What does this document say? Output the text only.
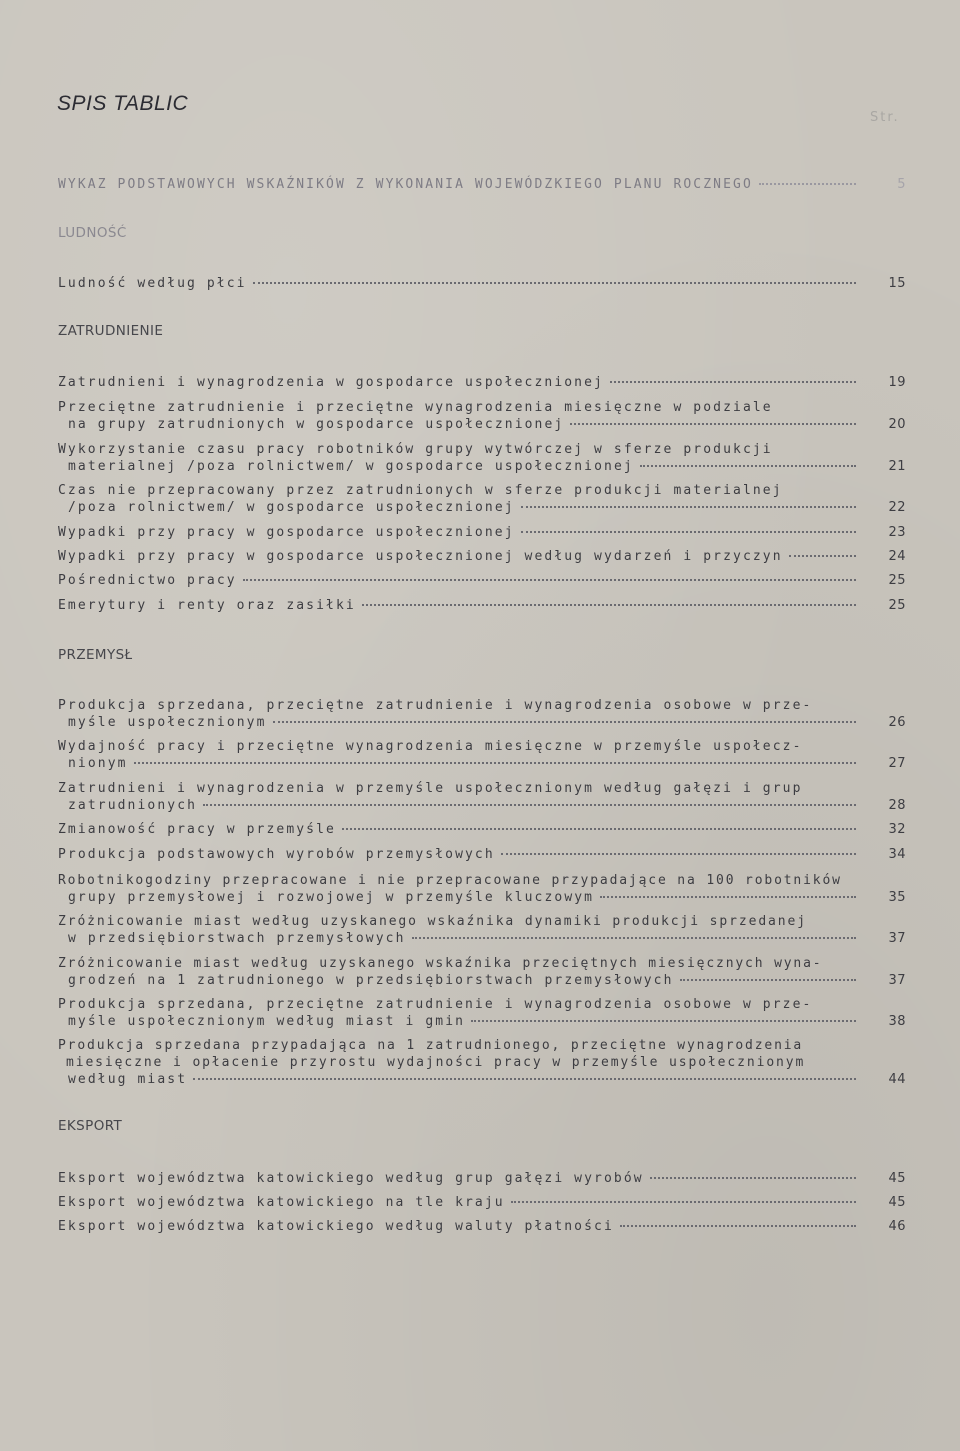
SPIS TABLIC
Str.
WYKAZ PODSTAWOWYCH WSKAŹNIKÓW Z WYKONANIA WOJEWÓDZKIEGO PLANU ROCZNEGO	5
LUDNOŚĆ
Ludność według płci	15
ZATRUDNIENIE
Zatrudnieni i wynagrodzenia w gospodarce uspołecznionej	19
Przeciętne zatrudnienie i przeciętne wynagrodzenia miesięczne w podziale
na grupy zatrudnionych w gospodarce uspołecznionej	20
Wykorzystanie czasu pracy robotników grupy wytwórczej w sferze produkcji
materialnej /poza rolnictwem/ w gospodarce uspołecznionej	21
Czas nie przepracowany przez zatrudnionych w sferze produkcji materialnej
/poza rolnictwem/ w gospodarce uspołecznionej	22
Wypadki przy pracy w gospodarce uspołecznionej	23
Wypadki przy pracy w gospodarce uspołecznionej według wydarzeń i przyczyn	24
Pośrednictwo pracy	25
Emerytury i renty oraz zasiłki	25
PRZEMYSŁ
Produkcja sprzedana, przeciętne zatrudnienie i wynagrodzenia osobowe w prze-
myśle uspołecznionym	26
Wydajność pracy i przeciętne wynagrodzenia miesięczne w przemyśle uspołecz-
nionym	27
Zatrudnieni i wynagrodzenia w przemyśle uspołecznionym według gałęzi i grup
zatrudnionych	28
Zmianowość pracy w przemyśle	32
Produkcja podstawowych wyrobów przemysłowych	34
Robotnikogodziny przepracowane i nie przepracowane przypadające na 100 robotników
grupy przemysłowej i rozwojowej w przemyśle kluczowym	35
Zróżnicowanie miast według uzyskanego wskaźnika dynamiki produkcji sprzedanej
w przedsiębiorstwach przemysłowych	37
Zróżnicowanie miast według uzyskanego wskaźnika przeciętnych miesięcznych wyna-
grodzeń na 1 zatrudnionego w przedsiębiorstwach przemysłowych	37
Produkcja sprzedana, przeciętne zatrudnienie i wynagrodzenia osobowe w prze-
myśle uspołecznionym według miast i gmin	38
Produkcja sprzedana przypadająca na 1 zatrudnionego, przeciętne wynagrodzenia
miesięczne i opłacenie przyrostu wydajności pracy w przemyśle uspołecznionym
według miast	44
EKSPORT
Eksport województwa katowickiego według grup gałęzi wyrobów	45
Eksport województwa katowickiego na tle kraju	45
Eksport województwa katowickiego według waluty płatności	46
